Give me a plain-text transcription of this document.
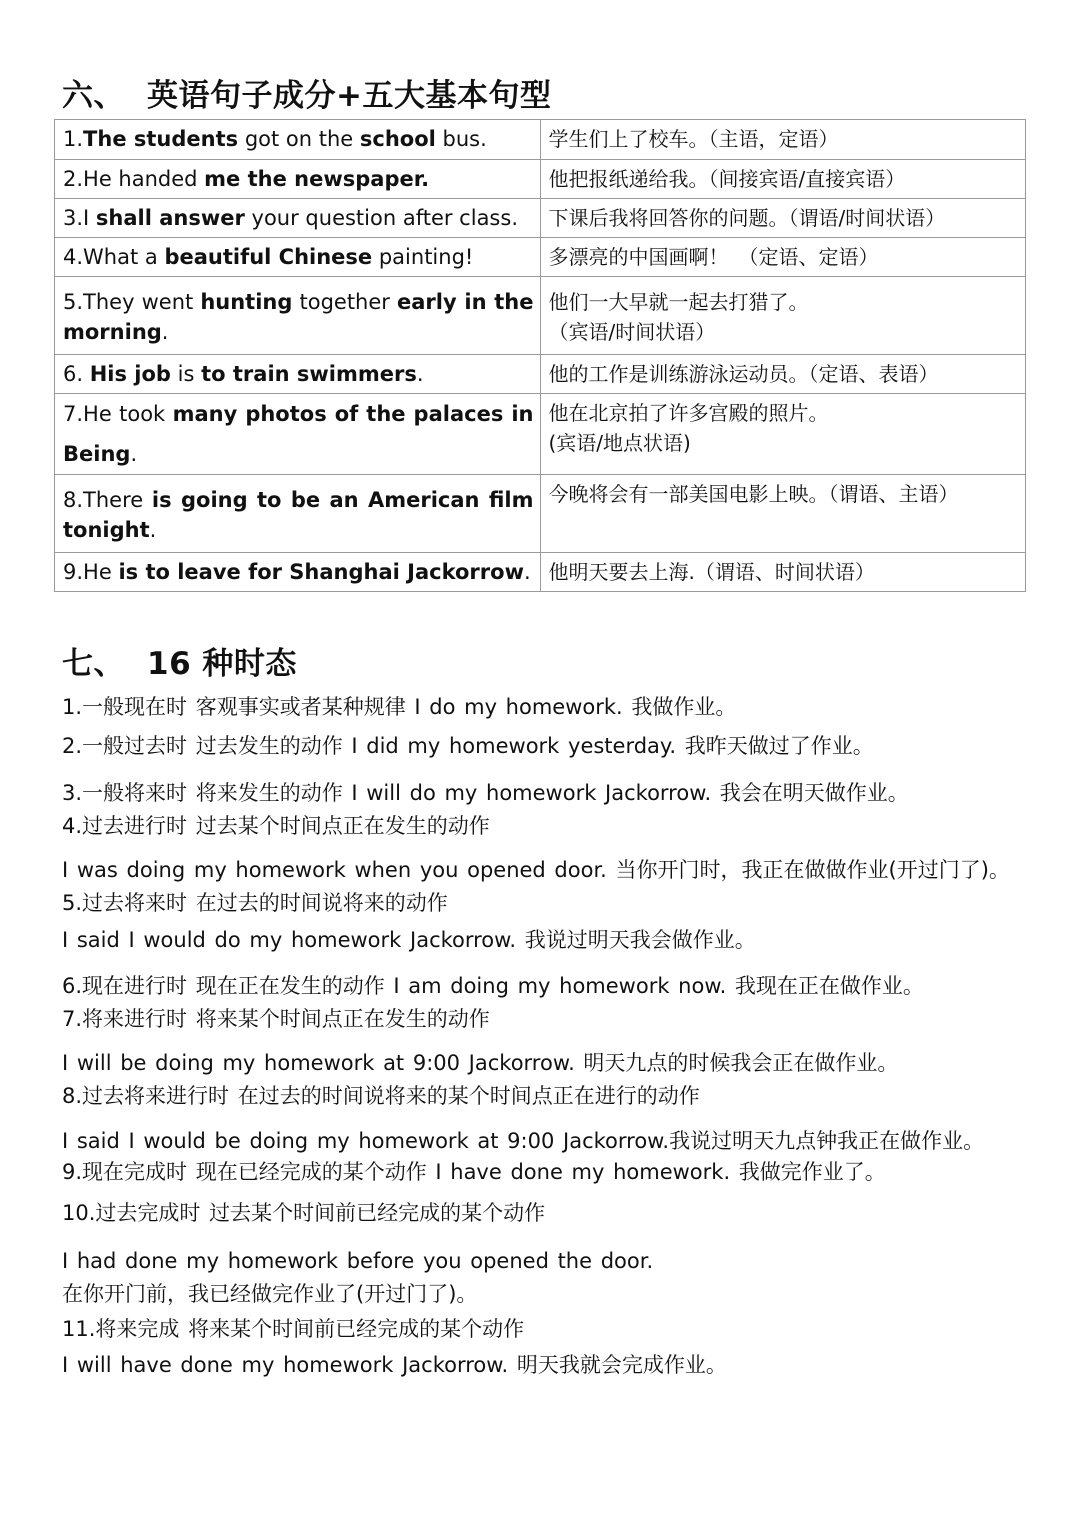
六、 英语句子成分+五大基本句型
1.The students got on the school bus.	学生们上了校车。（主语，定语）
2.He handed me the newspaper.	他把报纸递给我。（间接宾语/直接宾语）
3.I shall answer your question after class.	下课后我将回答你的问题。（谓语/时间状语）
4.What a beautiful Chinese painting!	多漂亮的中国画啊！　（定语、定语）
5.They went hunting together early in the morning.	他们一大早就一起去打猎了。
（宾语/时间状语）
6. His job is to train swimmers.	他的工作是训练游泳运动员。（定语、表语）
7.He took many photos of the palaces in Being.	他在北京拍了许多宫殿的照片。
(宾语/地点状语)
8.There is going to be an American film tonight.	今晚将会有一部美国电影上映。（谓语、主语）
9.He is to leave for Shanghai Jackorrow.	他明天要去上海.（谓语、时间状语）
七、 16 种时态
1.一般现在时 客观事实或者某种规律 I do my homework. 我做作业。
2.一般过去时 过去发生的动作 I did my homework yesterday. 我昨天做过了作业。
3.一般将来时 将来发生的动作 I will do my homework Jackorrow. 我会在明天做作业。
4.过去进行时 过去某个时间点正在发生的动作
I was doing my homework when you opened door. 当你开门时，我正在做做作业(开过门了)。
5.过去将来时 在过去的时间说将来的动作
I said I would do my homework Jackorrow. 我说过明天我会做作业。
6.现在进行时 现在正在发生的动作 I am doing my homework now. 我现在正在做作业。
7.将来进行时 将来某个时间点正在发生的动作
I will be doing my homework at 9:00 Jackorrow. 明天九点的时候我会正在做作业。
8.过去将来进行时 在过去的时间说将来的某个时间点正在进行的动作
I said I would be doing my homework at 9:00 Jackorrow.我说过明天九点钟我正在做作业。
9.现在完成时 现在已经完成的某个动作 I have done my homework. 我做完作业了。
10.过去完成时 过去某个时间前已经完成的某个动作
I had done my homework before you opened the door.
在你开门前，我已经做完作业了(开过门了)。
11.将来完成 将来某个时间前已经完成的某个动作
I will have done my homework Jackorrow. 明天我就会完成作业。
